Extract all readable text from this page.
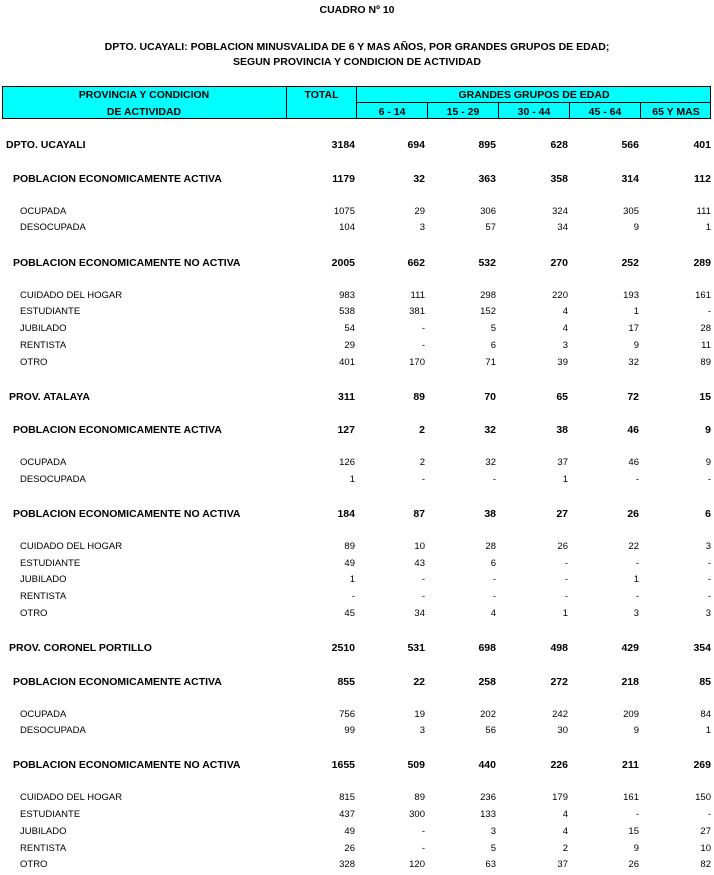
CUADRO Nº 10
DPTO. UCAYALI: POBLACION MINUSVALIDA DE 6 Y MAS AÑOS, POR GRANDES GRUPOS DE EDAD;
SEGUN PROVINCIA Y CONDICION DE ACTIVIDAD
PROVINCIA Y CONDICION
DE ACTIVIDAD
TOTAL	GRANDES GRUPOS DE EDAD
6 - 14	15 - 29	30 - 44	45 - 64	65 Y MAS
DPTO. UCAYALI	3184	694	895	628	566	401
POBLACION ECONOMICAMENTE ACTIVA	1179	32	363	358	314	112
OCUPADA	1075	29	306	324	305	111
DESOCUPADA	104	3	57	34	9	1
POBLACION ECONOMICAMENTE NO ACTIVA	2005	662	532	270	252	289
CUIDADO DEL HOGAR	983	111	298	220	193	161
ESTUDIANTE	538	381	152	4	1	-
JUBILADO	54	-	5	4	17	28
RENTISTA	29	-	6	3	9	11
OTRO	401	170	71	39	32	89
PROV. ATALAYA	311	89	70	65	72	15
POBLACION ECONOMICAMENTE ACTIVA	127	2	32	38	46	9
OCUPADA	126	2	32	37	46	9
DESOCUPADA	1	-	-	1	-	-
POBLACION ECONOMICAMENTE NO ACTIVA	184	87	38	27	26	6
CUIDADO DEL HOGAR	89	10	28	26	22	3
ESTUDIANTE	49	43	6	-	-	-
JUBILADO	1	-	-	-	1	-
RENTISTA	-	-	-	-	-	-
OTRO	45	34	4	1	3	3
PROV. CORONEL PORTILLO	2510	531	698	498	429	354
POBLACION ECONOMICAMENTE ACTIVA	855	22	258	272	218	85
OCUPADA	756	19	202	242	209	84
DESOCUPADA	99	3	56	30	9	1
POBLACION ECONOMICAMENTE NO ACTIVA	1655	509	440	226	211	269
CUIDADO DEL HOGAR	815	89	236	179	161	150
ESTUDIANTE	437	300	133	4	-	-
JUBILADO	49	-	3	4	15	27
RENTISTA	26	-	5	2	9	10
OTRO	328	120	63	37	26	82
